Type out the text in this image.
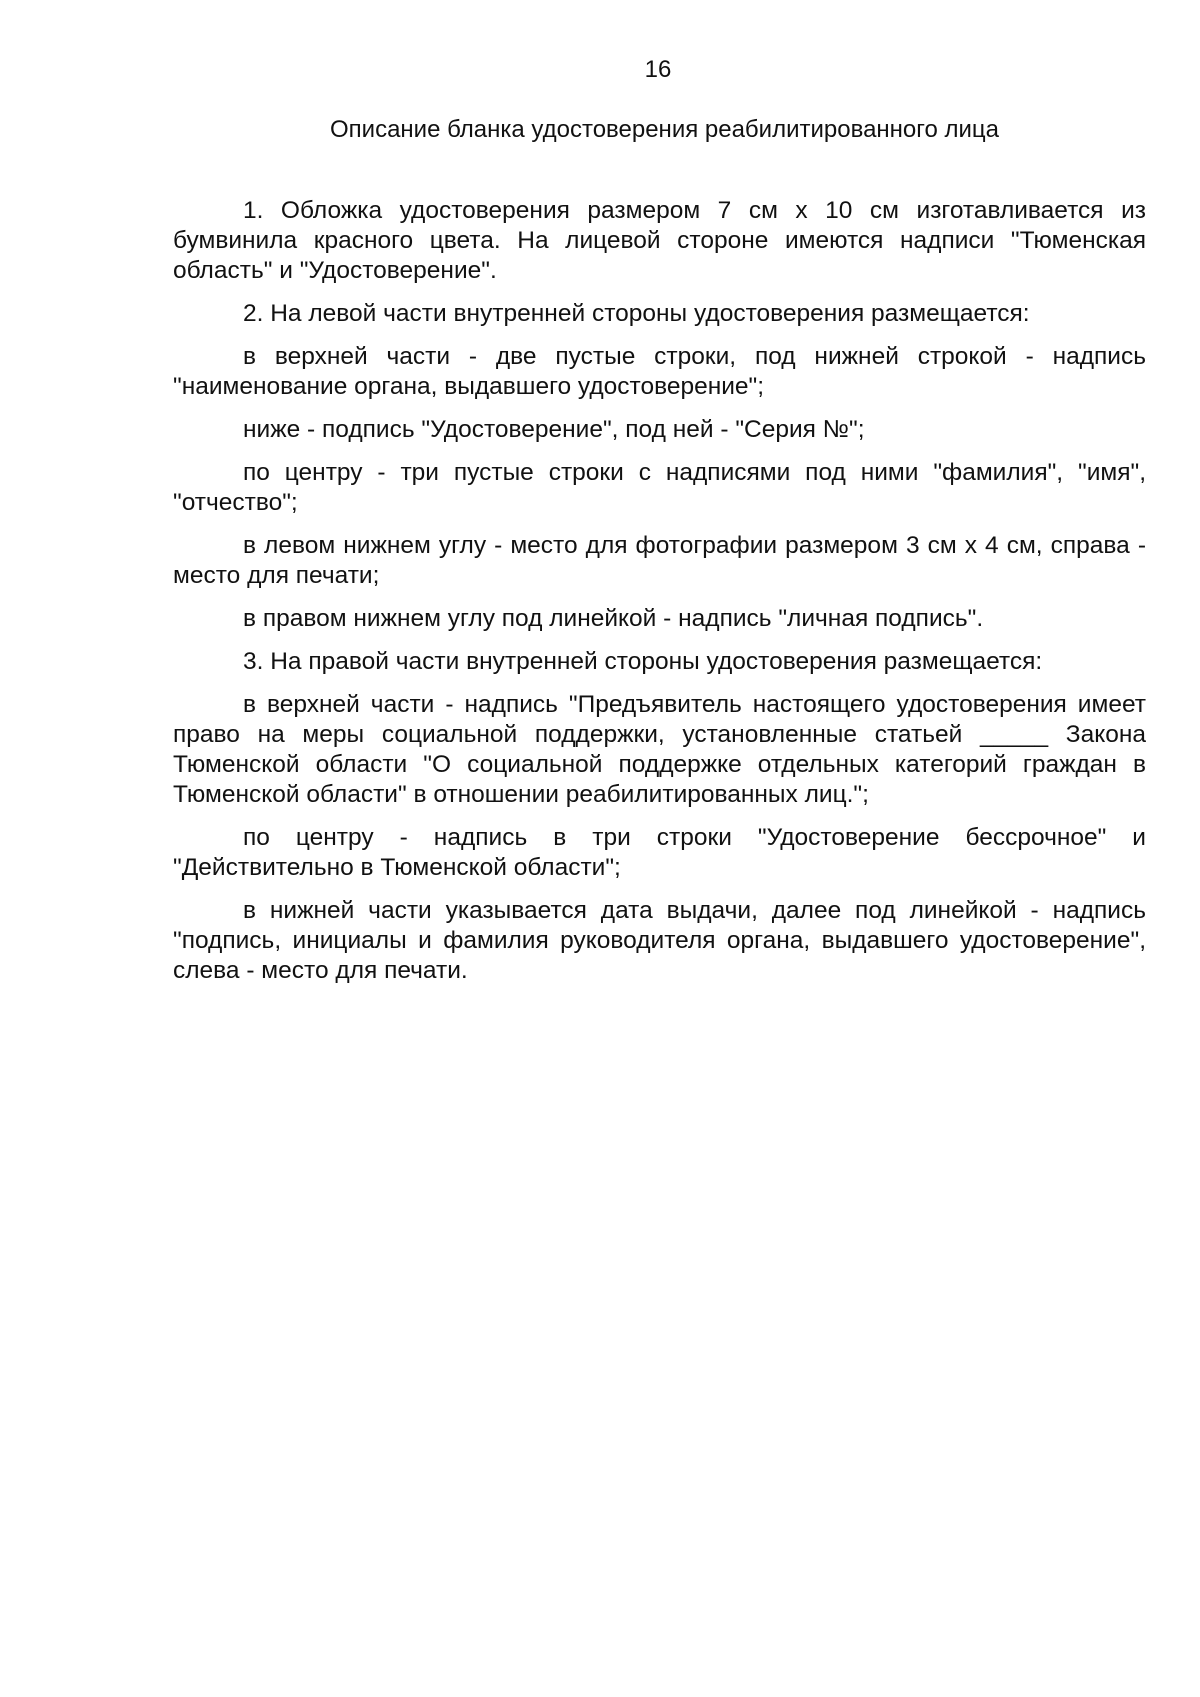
16
Описание бланка удостоверения реабилитированного лица

1. Обложка удостоверения размером 7 см x 10 см изготавливается из бумвинила красного цвета. На лицевой стороне имеются надписи "Тюменская область" и "Удостоверение".

2. На левой части внутренней стороны удостоверения размещается:

в верхней части - две пустые строки, под нижней строкой - надпись "наименование органа, выдавшего удостоверение";

ниже - подпись "Удостоверение", под ней - "Серия №";

по центру - три пустые строки с надписями под ними "фамилия", "имя", "отчество";

в левом нижнем углу - место для фотографии размером 3 см x 4 см, справа - место для печати;

в правом нижнем углу под линейкой - надпись "личная подпись".

3. На правой части внутренней стороны удостоверения размещается:

в верхней части - надпись "Предъявитель настоящего удостоверения имеет право на меры социальной поддержки, установленные статьей _____ Закона Тюменской области "О социальной поддержке отдельных категорий граждан в Тюменской области" в отношении реабилитированных лиц.";

по центру - надпись в три строки "Удостоверение бессрочное" и "Действительно в Тюменской области";

в нижней части указывается дата выдачи, далее под линейкой - надпись "подпись, инициалы и фамилия руководителя органа, выдавшего удостоверение", слева - место для печати.
